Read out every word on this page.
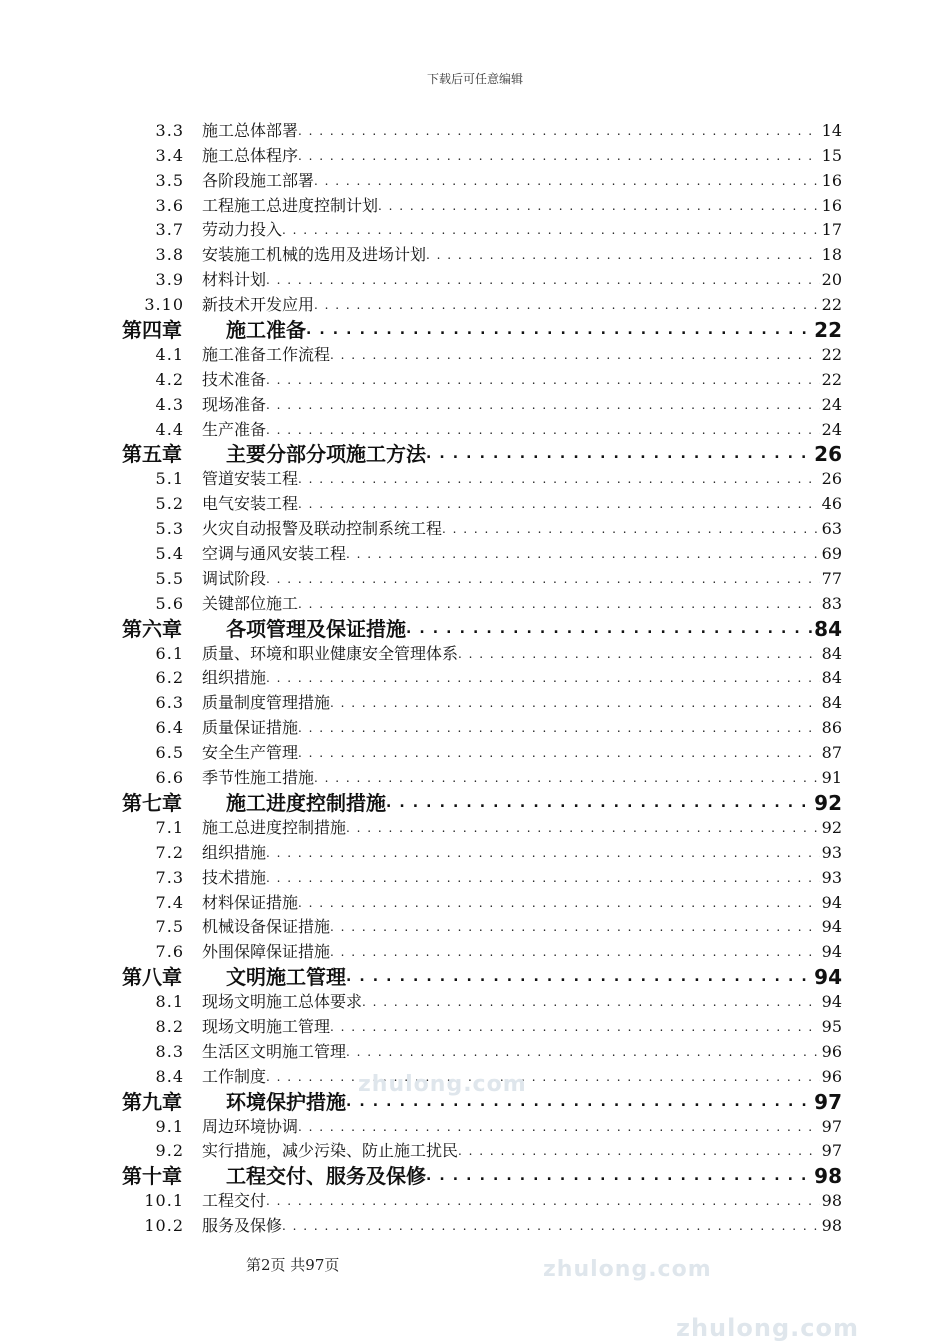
下载后可任意编辑
3.3	施工总体部署 . . .	14
3.4	施工总体程序 . . .	15
3.5	各阶段施工部署 . . .	16
3.6	工程施工总进度控制计划 . . .	16
3.7	劳动力投入 . . .	17
3.8	安装施工机械的选用及进场计划 . . .	18
3.9	材料计划 . . .	20
3.10	新技术开发应用 . . .	22
第四章	施工准备 . . .	22
4.1	施工准备工作流程 . . .	22
4.2	技术准备 . . .	22
4.3	现场准备 . . .	24
4.4	生产准备 . . .	24
第五章	主要分部分项施工方法 . . .	26
5.1	管道安装工程 . . .	26
5.2	电气安装工程 . . .	46
5.3	火灾自动报警及联动控制系统工程 . . .	63
5.4	空调与通风安装工程 . . .	69
5.5	调试阶段 . . .	77
5.6	关键部位施工 . . .	83
第六章	各项管理及保证措施 . . .	84
6.1	质量、环境和职业健康安全管理体系 . . .	84
6.2	组织措施 . . .	84
6.3	质量制度管理措施 . . .	84
6.4	质量保证措施 . . .	86
6.5	安全生产管理 . . .	87
6.6	季节性施工措施 . . .	91
第七章	施工进度控制措施 . . .	92
7.1	施工总进度控制措施 . . .	92
7.2	组织措施 . . .	93
7.3	技术措施 . . .	93
7.4	材料保证措施 . . .	94
7.5	机械设备保证措施 . . .	94
7.6	外围保障保证措施 . . .	94
第八章	文明施工管理 . . .	94
8.1	现场文明施工总体要求 . . .	94
8.2	现场文明施工管理 . . .	95
8.3	生活区文明施工管理 . . .	96
8.4	工作制度 . . .	96
第九章	环境保护措施 . . .	97
9.1	周边环境协调 . . .	97
9.2	实行措施，减少污染、防止施工扰民 . . .	97
第十章	工程交付、服务及保修 . . .	98
10.1	工程交付 . . .	98
10.2	服务及保修 . . .	98
第2页 共97页
zhulong.com
zhulong.com
zhulong.com
